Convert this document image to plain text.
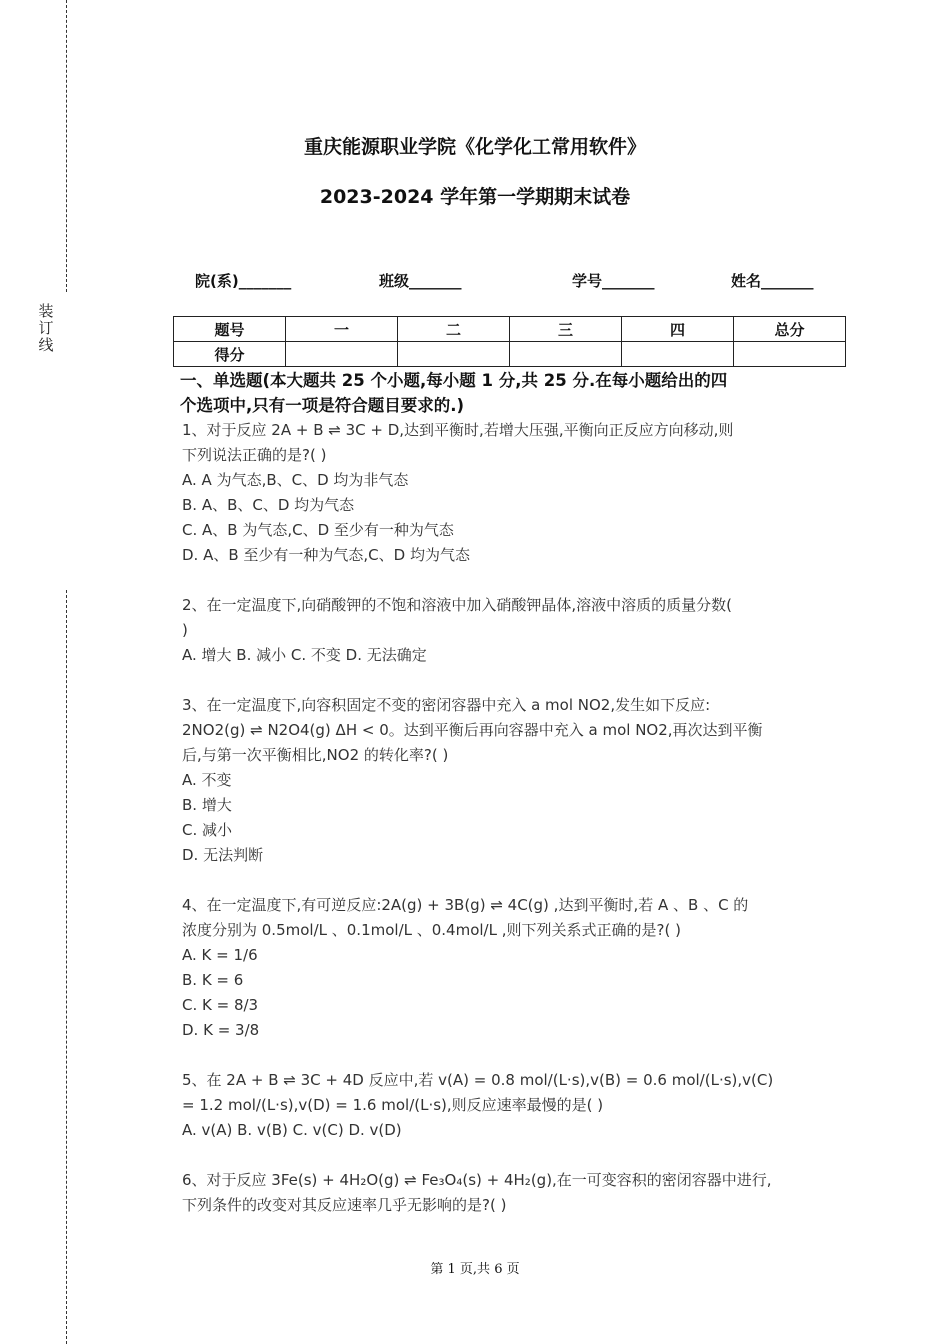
装
订
线
重庆能源职业学院《化学化工常用软件》
2023-2024 学年第一学期期末试卷
院(系)_______	班级_______	学号_______	姓名_______
题号	一	二	三	四	总分
得分					
一、单选题(本大题共 25 个小题,每小题 1 分,共 25 分.在每小题给出的四
个选项中,只有一项是符合题目要求的.)
1、对于反应 2A + B ⇌ 3C + D,达到平衡时,若增大压强,平衡向正反应方向移动,则
下列说法正确的是?( )
A. A 为气态,B、C、D 均为非气态
B. A、B、C、D 均为气态
C. A、B 为气态,C、D 至少有一种为气态
D. A、B 至少有一种为气态,C、D 均为气态
2、在一定温度下,向硝酸钾的不饱和溶液中加入硝酸钾晶体,溶液中溶质的质量分数(
)
A. 增大 B. 减小 C. 不变 D. 无法确定
3、在一定温度下,向容积固定不变的密闭容器中充入 a mol NO2,发生如下反应:
2NO2(g) ⇌ N2O4(g) ΔH < 0。达到平衡后再向容器中充入 a mol NO2,再次达到平衡
后,与第一次平衡相比,NO2 的转化率?( )
A. 不变
B. 增大
C. 减小
D. 无法判断
4、在一定温度下,有可逆反应:2A(g) + 3B(g) ⇌ 4C(g) ,达到平衡时,若 A 、B 、C 的
浓度分别为 0.5mol/L 、0.1mol/L 、0.4mol/L ,则下列关系式正确的是?( )
A. K = 1/6
B. K = 6
C. K = 8/3
D. K = 3/8
5、在 2A + B ⇌ 3C + 4D 反应中,若 v(A) = 0.8 mol/(L·s),v(B) = 0.6 mol/(L·s),v(C)
= 1.2 mol/(L·s),v(D) = 1.6 mol/(L·s),则反应速率最慢的是( )
A. v(A) B. v(B) C. v(C) D. v(D)
6、对于反应 3Fe(s) + 4H₂O(g) ⇌ Fe₃O₄(s) + 4H₂(g),在一可变容积的密闭容器中进行,
下列条件的改变对其反应速率几乎无影响的是?( )
第 1 页,共 6 页
